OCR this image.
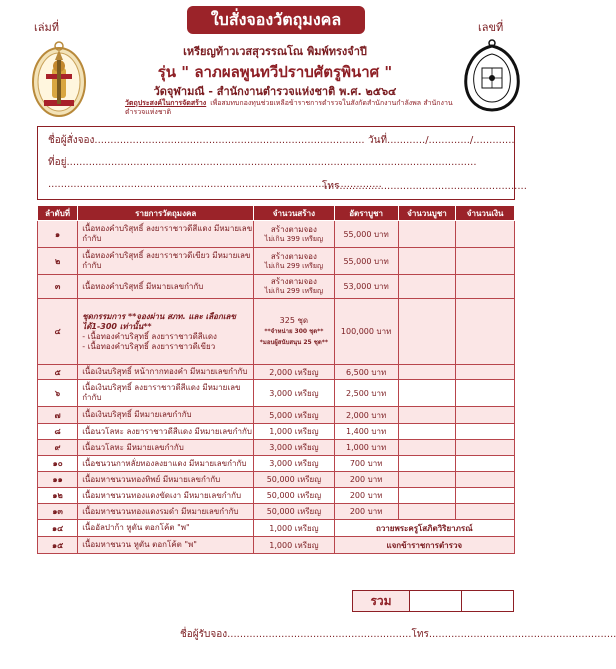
เล่มที่	ใบสั่งจองวัตถุมงคล	เลขที่
เหรียญท้าวเวสสุวรรณโณ พิมพ์ทรงจำปี
รุ่น " ลาภผลพูนทวีปราบศัตรูพินาศ "
วัดจุฬามณี - สำนักงานตำรวจแห่งชาติ พ.ศ. ๒๕๖๔
วัตถุประสงค์ในการจัดสร้าง เพื่อสมทบกองทุนช่วยเหลือข้าราชการตำรวจในสังกัดสำนักงานกำลังพล สำนักงานตำรวจแห่งชาติ
ชื่อผู้สั่งจอง..................................................................................... วันที่............/............./.............
ที่อยู่.................................................................................................................................
.........................................................................................................
โทร...........................................................
ลำดับที่	รายการวัตถุมงคล	จำนวนสร้าง	อัตราบูชา	จำนวนบูชา	จำนวนเงิน
๑	เนื้อทองคำบริสุทธิ์ ลงยาราชาวดีสีแดง มีหมายเลขกำกับ	สร้างตามจอง
ไม่เกิน 399 เหรียญ	55,000 บาท		
๒	เนื้อทองคำบริสุทธิ์ ลงยาราชาวดีเขียว มีหมายเลขกำกับ	สร้างตามจอง
ไม่เกิน 299 เหรียญ	55,000 บาท		
๓	เนื้อทองคำบริสุทธิ์ มีหมายเลขกำกับ	สร้างตามจอง
ไม่เกิน 299 เหรียญ	53,000 บาท		
๔	ชุดกรรมการ **จองผ่าน สภท. และ เลือกเลขได้1-300 เท่านั้น**
- เนื้อทองคำบริสุทธิ์ ลงยาราชาวดีสีแดง
- เนื้อทองคำบริสุทธิ์ ลงยาราชาวดีเขียว	325 ชุด
**จำหน่าย 300 ชุด**
*มอบผู้สนับสนุน 25 ชุด**	100,000 บาท		
๕	เนื้อเงินบริสุทธิ์ หน้ากากทองคำ มีหมายเลขกำกับ	2,000 เหรียญ	6,500 บาท		
๖	เนื้อเงินบริสุทธิ์ ลงยาราชาวดีสีแดง มีหมายเลขกำกับ	3,000 เหรียญ	2,500 บาท		
๗	เนื้อเงินบริสุทธิ์ มีหมายเลขกำกับ	5,000 เหรียญ	2,000 บาท		
๘	เนื้อนวโลหะ ลงยาราชาวดีสีแดง มีหมายเลขกำกับ	1,000 เหรียญ	1,400 บาท		
๙	เนื้อนวโลหะ มีหมายเลขกำกับ	3,000 เหรียญ	1,000 บาท		
๑๐	เนื้อชนวนกาหลั่ยทองลงยาแดง มีหมายเลขกำกับ	3,000 เหรียญ	700 บาท		
๑๑	เนื้อมหาชนวนทองทิพย์ มีหมายเลขกำกับ	50,000 เหรียญ	200 บาท		
๑๒	เนื้อมหาชนวนทองแดงขัดเงา มีหมายเลขกำกับ	50,000 เหรียญ	200 บาท		
๑๓	เนื้อมหาชนวนทองแดงรมดำ มีหมายเลขกำกับ	50,000 เหรียญ	200 บาท		
๑๔	เนื้ออัลปาก้า หูตัน ตอกโค้ต "พ"	1,000 เหรียญ	ถวายพระครูโสภิตวิริยาภรณ์		
๑๕	เนื้อมหาชนวน หูตัน ตอกโค้ต "พ"	1,000 เหรียญ	แจกข้าราชการตำรวจ		
รวม
ชื่อผู้รับจอง..........................................................โทร...........................................................
